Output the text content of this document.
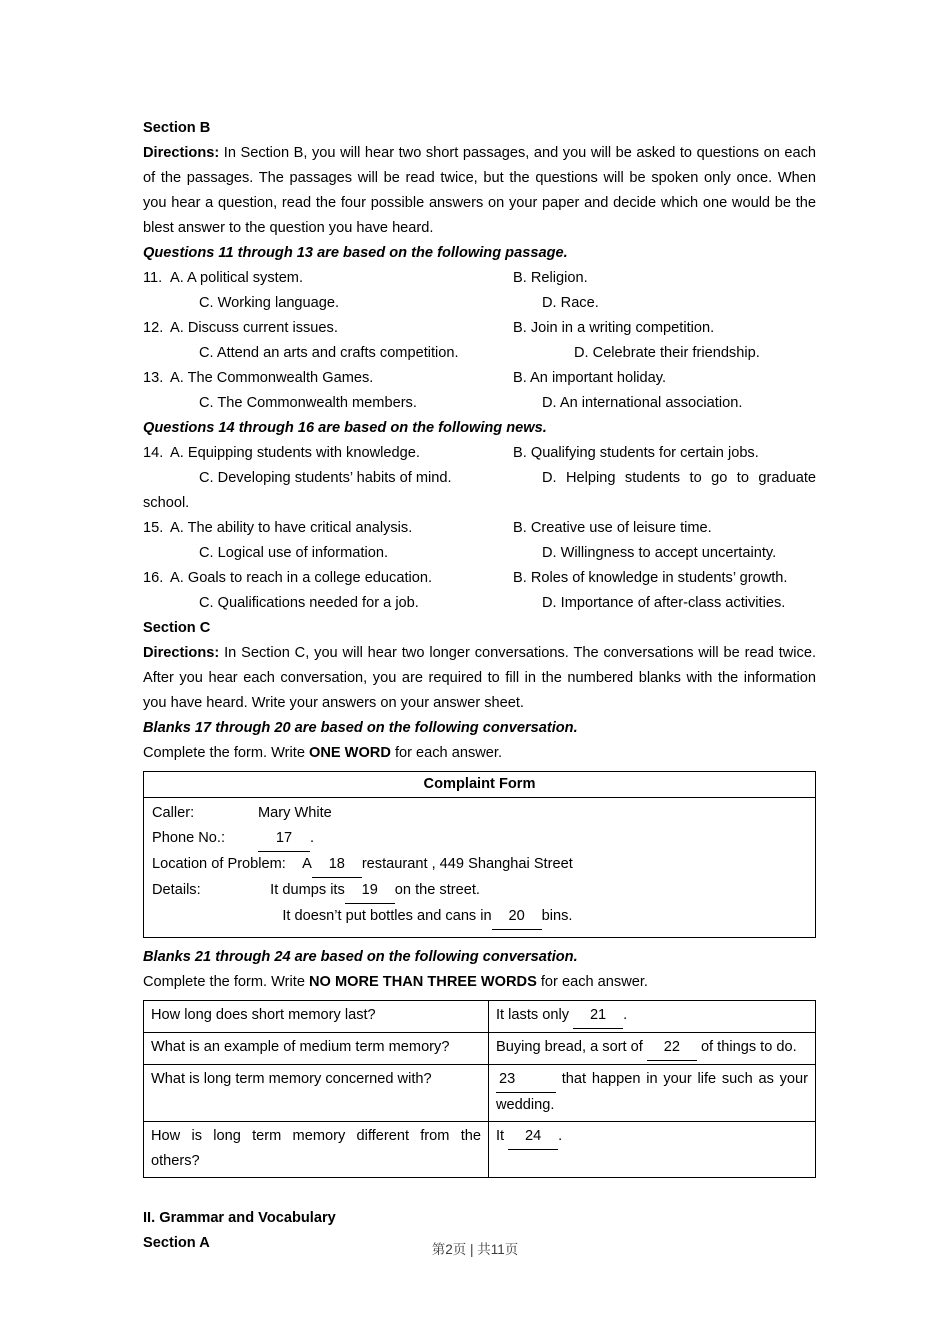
Section B

Directions: In Section B, you will hear two short passages, and you will be asked to questions on each of the passages. The passages will be read twice, but the questions will be spoken only once. When you hear a question, read the four possible answers on your paper and decide which one would be the blest answer to the question you have heard.

Questions 11 through 13 are based on the following passage.
11. A. A political system.	B. Religion.
C. Working language.	D. Race.
12. A. Discuss current issues.	B. Join in a writing competition.
C. Attend an arts and crafts competition.	D. Celebrate their friendship.
13. A. The Commonwealth Games.	B. An important holiday.
C. The Commonwealth members.	D. An international association.
Questions 14 through 16 are based on the following news.
14. A. Equipping students with knowledge.	B. Qualifying students for certain jobs.
C. Developing students’ habits of mind.	D. Helping students to go to graduate
school.
15. A. The ability to have critical analysis.	B. Creative use of leisure time.
C. Logical use of information.	D. Willingness to accept uncertainty.
16. A. Goals to reach in a college education.	B. Roles of knowledge in students’ growth.
C. Qualifications needed for a job.	D. Importance of after-class activities.
Section C

Directions: In Section C, you will hear two longer conversations. The conversations will be read twice. After you hear each conversation, you are required to fill in the numbered blanks with the information you have heard. Write your answers on your answer sheet.

Blanks 17 through 20 are based on the following conversation.
Complete the form. Write ONE WORD for each answer.
Complaint Form

Caller:	Mary White
Phone No.:	17 .
Location of Problem:	A 18 restaurant , 449 Shanghai Street
Details:	It dumps its 19 on the street.
It doesn’t put bottles and cans in 20 bins.
Blanks 21 through 24 are based on the following conversation.
Complete the form. Write NO MORE THAN THREE WORDS for each answer.
How long does short memory last?	It lasts only 21 .
What is an example of medium term memory?	Buying bread, a sort of 22 of things to do.
What is long term memory concerned with?	23 that happen in your life such as your wedding.
How is long term memory different from the others?	It 24 .
II. Grammar and Vocabulary
Section A	第2页 | 共11页
